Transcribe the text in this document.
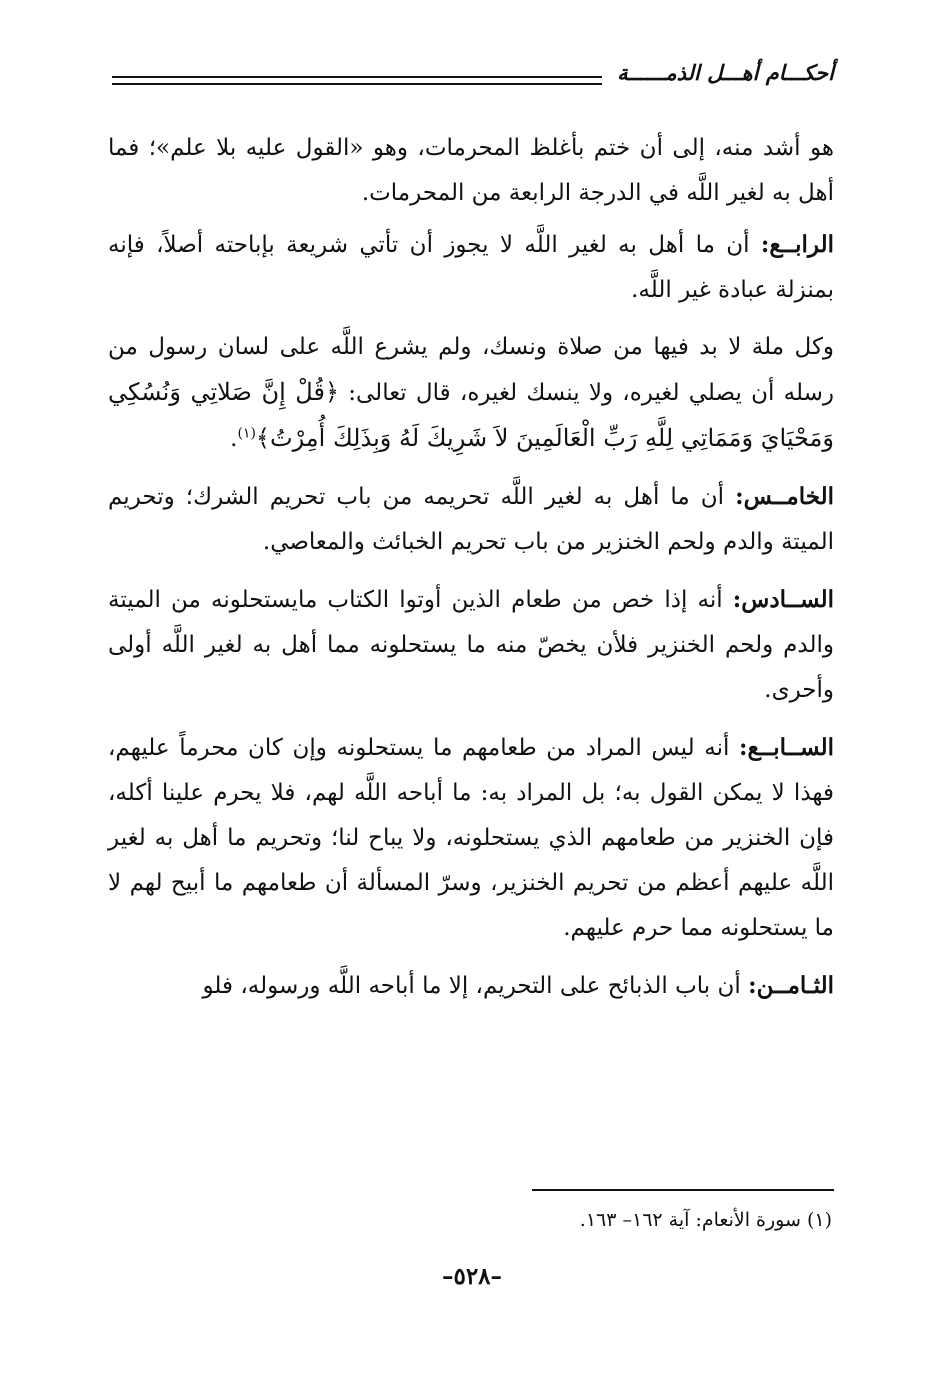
أحكـــام أهـــل الذمــــــة

هو أشد منه، إلى أن ختم بأغلظ المحرمات، وهو «القول عليه بلا علم»؛ فما أهل به لغير اللَّه في الدرجة الرابعة من المحرمات.

الرابــع: أن ما أهل به لغير اللَّه لا يجوز أن تأتي شريعة بإباحته أصلاً، فإنه بمنزلة عبادة غير اللَّه.

وكل ملة لا بد فيها من صلاة ونسك، ولم يشرع اللَّه على لسان رسول من رسله أن يصلي لغيره، ولا ينسك لغيره، قال تعالى: ﴿قُلْ إِنَّ صَلاتِي وَنُسُكِي وَمَحْيَايَ وَمَمَاتِي لِلَّهِ رَبِّ الْعَالَمِينَ لاَ شَرِيكَ لَهُ وَبِذَلِكَ أُمِرْتُ﴾$^{(١)}$.

الخامــس: أن ما أهل به لغير اللَّه تحريمه من باب تحريم الشرك؛ وتحريم الميتة والدم ولحم الخنزير من باب تحريم الخبائث والمعاصي.

الســادس: أنه إذا خص من طعام الذين أوتوا الكتاب مايستحلونه من الميتة والدم ولحم الخنزير فلأن يخصّ منه ما يستحلونه مما أهل به لغير اللَّه أولى وأحرى.

الســابــع: أنه ليس المراد من طعامهم ما يستحلونه وإن كان محرماً عليهم، فهذا لا يمكن القول به؛ بل المراد به: ما أباحه اللَّه لهم، فلا يحرم علينا أكله، فإن الخنزير من طعامهم الذي يستحلونه، ولا يباح لنا؛ وتحريم ما أهل به لغير اللَّه عليهم أعظم من تحريم الخنزير، وسرّ المسألة أن طعامهم ما أبيح لهم لا ما يستحلونه مما حرم عليهم.

الثـامــن: أن باب الذبائح على التحريم، إلا ما أباحه اللَّه ورسوله، فلو

(١) سورة الأنعام: آية ١٦٢– ١٦٣.
–٥٢٨–
